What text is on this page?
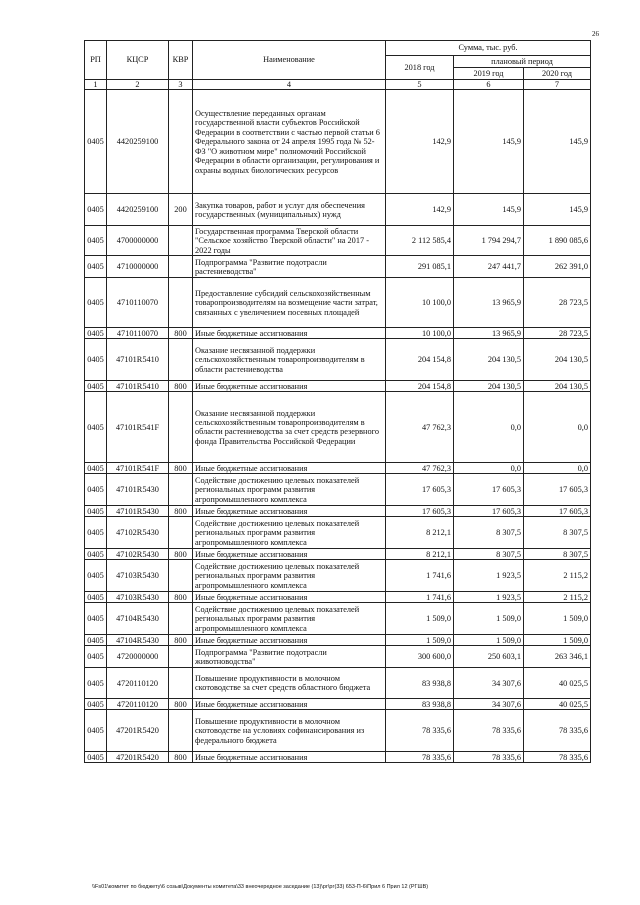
26
РП	КЦСР	КВР	Наименование	Сумма, тыс. руб.		
				2018 год	плановый период	
					2019 год	2020 год
1	2	3	4	5	6	7
0405	4420259100		Осуществление переданных органам государственной власти субъектов Российской Федерации в соответствии с частью первой статьи 6 Федерального закона от 24 апреля 1995 года № 52-ФЗ "О животном мире" полномочий Российской Федерации в области организации, регулирования и охраны водных биологических ресурсов	142,9	145,9	145,9
0405	4420259100	200	Закупка товаров, работ и услуг для обеспечения государственных (муниципальных) нужд	142,9	145,9	145,9
0405	4700000000		Государственная программа Тверской области "Сельское хозяйство Тверской области" на 2017 - 2022 годы	2 112 585,4	1 794 294,7	1 890 085,6
0405	4710000000		Подпрограмма "Развитие подотрасли растениеводства"	291 085,1	247 441,7	262 391,0
0405	4710110070		Предоставление субсидий сельскохозяйственным товаропроизводителям на возмещение части затрат, связанных с увеличением посевных площадей	10 100,0	13 965,9	28 723,5
0405	4710110070	800	Иные бюджетные ассигнования	10 100,0	13 965,9	28 723,5
0405	47101R5410		Оказание несвязанной поддержки сельскохозяйственным товаропроизводителям в области растениеводства	204 154,8	204 130,5	204 130,5
0405	47101R5410	800	Иные бюджетные ассигнования	204 154,8	204 130,5	204 130,5
0405	47101R541F		Оказание несвязанной поддержки сельскохозяйственным товаропроизводителям в области растениеводства за счет средств резервного фонда Правительства Российской Федерации	47 762,3	0,0	0,0
0405	47101R541F	800	Иные бюджетные ассигнования	47 762,3	0,0	0,0
0405	47101R5430		Содействие достижению целевых показателей региональных программ развития агропромышленного комплекса	17 605,3	17 605,3	17 605,3
0405	47101R5430	800	Иные бюджетные ассигнования	17 605,3	17 605,3	17 605,3
0405	47102R5430		Содействие достижению целевых показателей региональных программ развития агропромышленного комплекса	8 212,1	8 307,5	8 307,5
0405	47102R5430	800	Иные бюджетные ассигнования	8 212,1	8 307,5	8 307,5
0405	47103R5430		Содействие достижению целевых показателей региональных программ развития агропромышленного комплекса	1 741,6	1 923,5	2 115,2
0405	47103R5430	800	Иные бюджетные ассигнования	1 741,6	1 923,5	2 115,2
0405	47104R5430		Содействие достижению целевых показателей региональных программ развития агропромышленного комплекса	1 509,0	1 509,0	1 509,0
0405	47104R5430	800	Иные бюджетные ассигнования	1 509,0	1 509,0	1 509,0
0405	4720000000		Подпрограмма "Развитие подотрасли животноводства"	300 600,0	250 603,1	263 346,1
0405	4720110120		Повышение продуктивности в молочном скотоводстве за счет средств областного бюджета	83 938,8	34 307,6	40 025,5
0405	4720110120	800	Иные бюджетные ассигнования	83 938,8	34 307,6	40 025,5
0405	47201R5420		Повышение продуктивности в молочном скотоводстве на условиях софинансирования из федерального бюджета	78 335,6	78 335,6	78 335,6
0405	47201R5420	800	Иные бюджетные ассигнования	78 335,6	78 335,6	78 335,6
\\Fs01\комитет по бюджету\6 созыв\Документы комитета\33 внеочередное заседание (13)\рг\рг(33) 653-П-6\Прил 6 Прил 12 (РГШВ)
